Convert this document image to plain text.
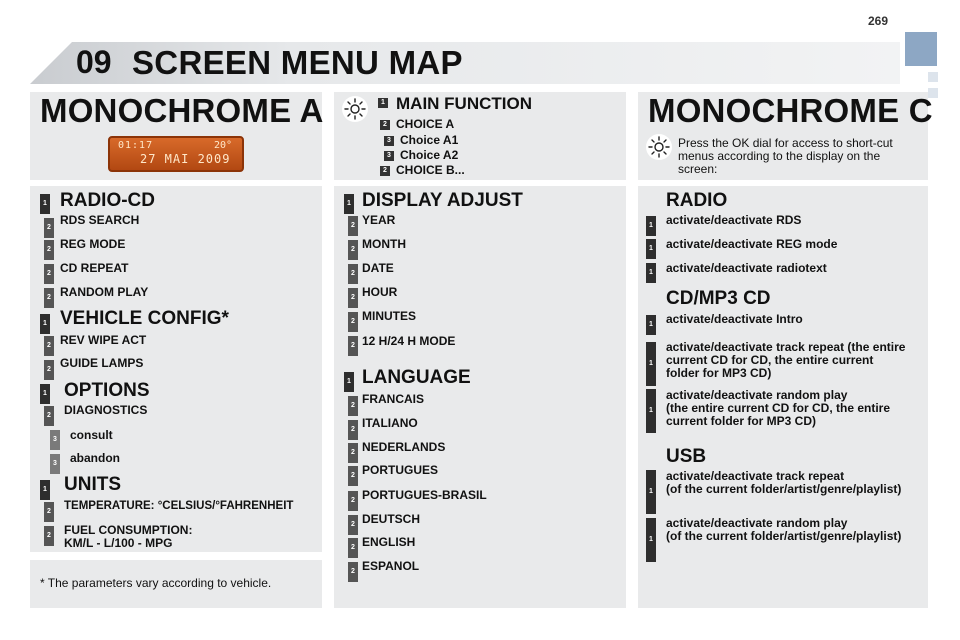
09 SCREEN MENU MAP
269
MONOCHROME A
01:17	20°
27 MAI 2009
1 RADIO-CD
2
RDS SEARCH
2 REG MODE
2 CD REPEAT
2 RANDOM PLAY
1 VEHICLE CONFIG*
2 REV WIPE ACT
2 GUIDE LAMPS
1 OPTIONS
2 DIAGNOSTICS
3 consult
3 abandon
1 UNITS
2 TEMPERATURE: °CELSIUS/°FAHRENHEIT
2 FUEL CONSUMPTION:
KM/L - L/100 - MPG
* The parameters vary according to vehicle.
1 MAIN FUNCTION
2 CHOICE A
3 Choice A1
3 Choice A2
2 CHOICE B...
1 DISPLAY ADJUST
2 YEAR
2 MONTH
2 DATE
2 HOUR
2 MINUTES
2 12 H/24 H MODE
1 LANGUAGE
2 FRANCAIS
2 ITALIANO
2 NEDERLANDS
2 PORTUGUES
2 PORTUGUES-BRASIL
2 DEUTSCH
2 ENGLISH
2 ESPANOL
MONOCHROME C
Press the OK dial for access to short-cut
menus according to the display on the
screen:
RADIO
1 activate/deactivate RDS
1 activate/deactivate REG mode
1 activate/deactivate radiotext
CD/MP3 CD
1 activate/deactivate Intro
1
activate/deactivate track repeat (the entire
current CD for CD, the entire current
folder for MP3 CD)
1
activate/deactivate random play
(the entire current CD for CD, the entire
current folder for MP3 CD)
USB
1
activate/deactivate track repeat
(of the current folder/artist/genre/playlist)
1
activate/deactivate random play
(of the current folder/artist/genre/playlist)
